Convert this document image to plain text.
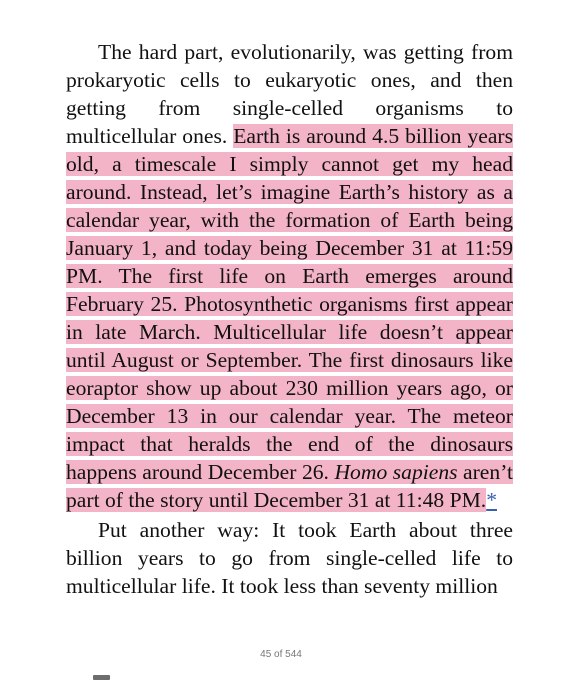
The hard part, evolutionarily, was getting from prokaryotic cells to eukaryotic ones, and then getting from single-celled organisms to multicellular ones. Earth is around 4.5 billion years old, a timescale I simply cannot get my head around. Instead, let’s imagine Earth’s history as a calendar year, with the formation of Earth being January 1, and today being December 31 at 11:59 PM. The first life on Earth emerges around February 25. Photosynthetic organisms first appear in late March. Multicellular life doesn’t appear until August or September. The first dinosaurs like eoraptor show up about 230 million years ago, or December 13 in our calendar year. The meteor impact that heralds the end of the dinosaurs happens around December 26. Homo sapiens aren’t part of the story until December 31 at 11:48 PM.*

Put another way: It took Earth about three billion years to go from single-celled life to multicellular life. It took less than seventy million

45 of 544
